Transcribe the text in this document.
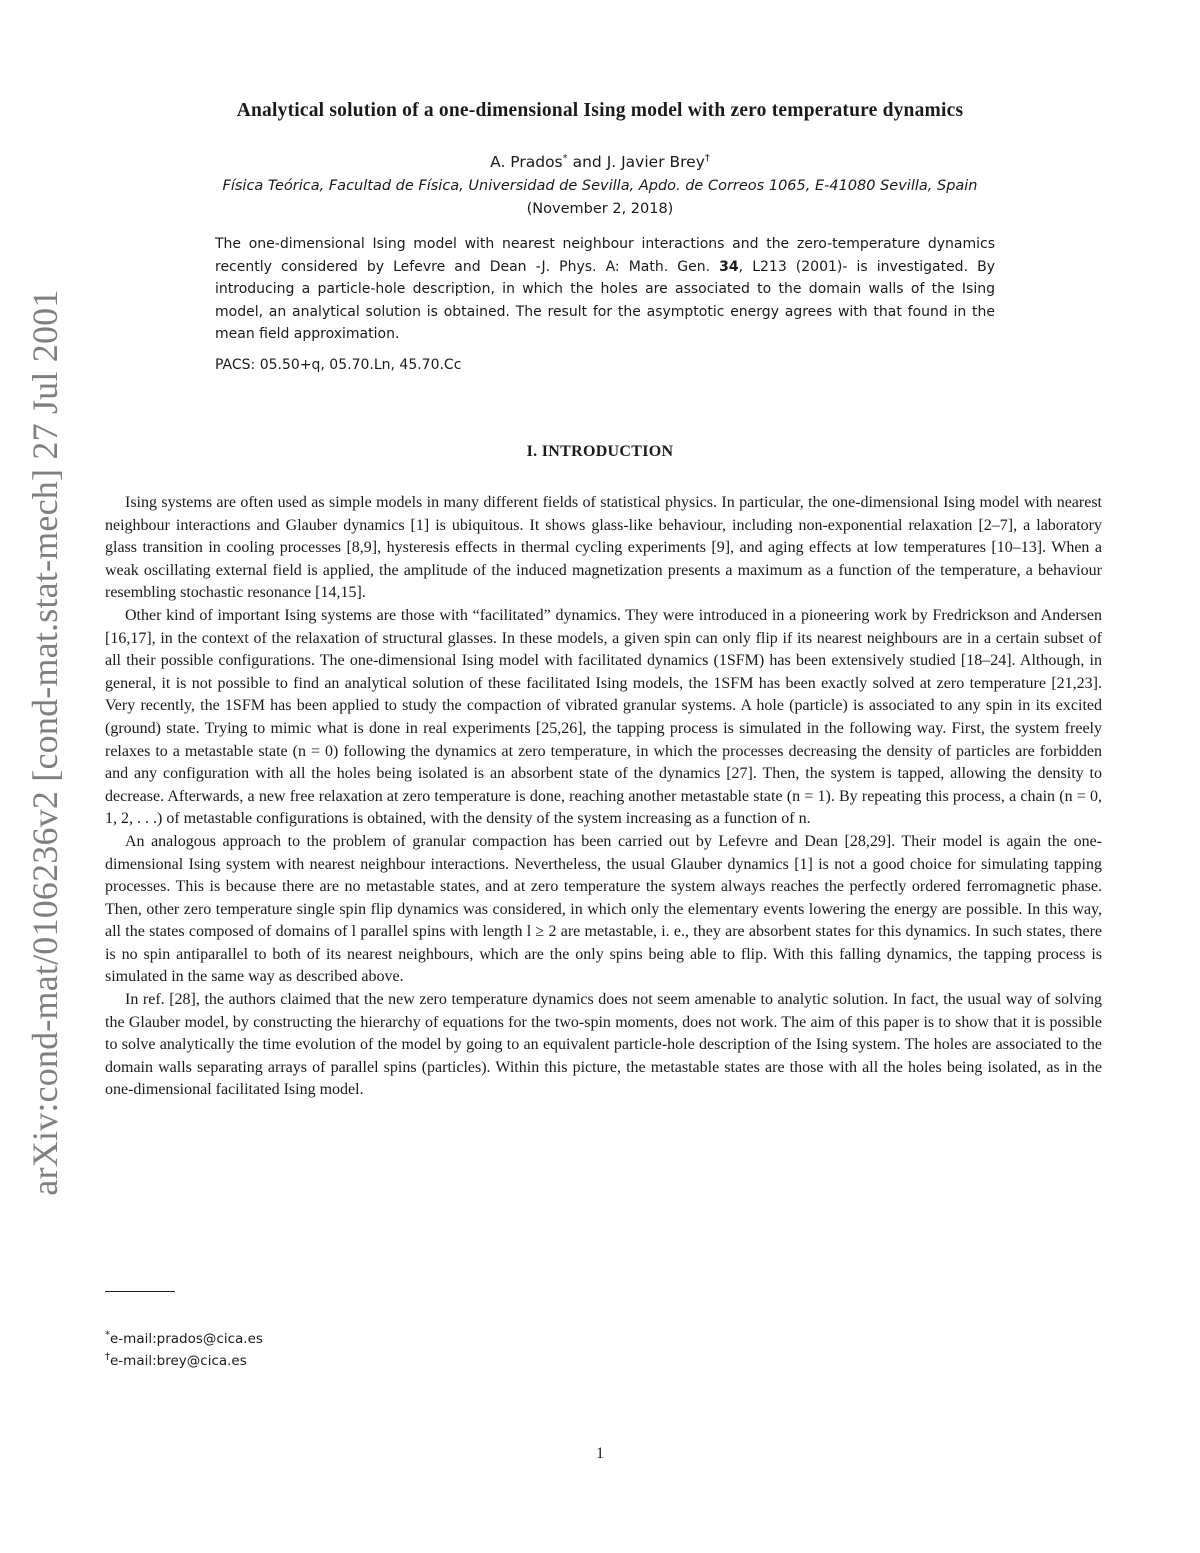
arXiv:cond-mat/0106236v2 [cond-mat.stat-mech] 27 Jul 2001
Analytical solution of a one-dimensional Ising model with zero temperature dynamics
A. Prados* and J. Javier Brey†
Física Teórica, Facultad de Física, Universidad de Sevilla, Apdo. de Correos 1065, E-41080 Sevilla, Spain
(November 2, 2018)
The one-dimensional Ising model with nearest neighbour interactions and the zero-temperature dynamics recently considered by Lefevre and Dean -J. Phys. A: Math. Gen. 34, L213 (2001)- is investigated. By introducing a particle-hole description, in which the holes are associated to the domain walls of the Ising model, an analytical solution is obtained. The result for the asymptotic energy agrees with that found in the mean field approximation.
PACS: 05.50+q, 05.70.Ln, 45.70.Cc
I. INTRODUCTION

Ising systems are often used as simple models in many different fields of statistical physics. In particular, the one-dimensional Ising model with nearest neighbour interactions and Glauber dynamics [1] is ubiquitous. It shows glass-like behaviour, including non-exponential relaxation [2–7], a laboratory glass transition in cooling processes [8,9], hysteresis effects in thermal cycling experiments [9], and aging effects at low temperatures [10–13]. When a weak oscillating external field is applied, the amplitude of the induced magnetization presents a maximum as a function of the temperature, a behaviour resembling stochastic resonance [14,15].

Other kind of important Ising systems are those with “facilitated” dynamics. They were introduced in a pioneering work by Fredrickson and Andersen [16,17], in the context of the relaxation of structural glasses. In these models, a given spin can only flip if its nearest neighbours are in a certain subset of all their possible configurations. The one-dimensional Ising model with facilitated dynamics (1SFM) has been extensively studied [18–24]. Although, in general, it is not possible to find an analytical solution of these facilitated Ising models, the 1SFM has been exactly solved at zero temperature [21,23]. Very recently, the 1SFM has been applied to study the compaction of vibrated granular systems. A hole (particle) is associated to any spin in its excited (ground) state. Trying to mimic what is done in real experiments [25,26], the tapping process is simulated in the following way. First, the system freely relaxes to a metastable state (n = 0) following the dynamics at zero temperature, in which the processes decreasing the density of particles are forbidden and any configuration with all the holes being isolated is an absorbent state of the dynamics [27]. Then, the system is tapped, allowing the density to decrease. Afterwards, a new free relaxation at zero temperature is done, reaching another metastable state (n = 1). By repeating this process, a chain (n = 0, 1, 2, . . .) of metastable configurations is obtained, with the density of the system increasing as a function of n.

An analogous approach to the problem of granular compaction has been carried out by Lefevre and Dean [28,29]. Their model is again the one-dimensional Ising system with nearest neighbour interactions. Nevertheless, the usual Glauber dynamics [1] is not a good choice for simulating tapping processes. This is because there are no metastable states, and at zero temperature the system always reaches the perfectly ordered ferromagnetic phase. Then, other zero temperature single spin flip dynamics was considered, in which only the elementary events lowering the energy are possible. In this way, all the states composed of domains of l parallel spins with length l ≥ 2 are metastable, i. e., they are absorbent states for this dynamics. In such states, there is no spin antiparallel to both of its nearest neighbours, which are the only spins being able to flip. With this falling dynamics, the tapping process is simulated in the same way as described above.

In ref. [28], the authors claimed that the new zero temperature dynamics does not seem amenable to analytic solution. In fact, the usual way of solving the Glauber model, by constructing the hierarchy of equations for the two-spin moments, does not work. The aim of this paper is to show that it is possible to solve analytically the time evolution of the model by going to an equivalent particle-hole description of the Ising system. The holes are associated to the domain walls separating arrays of parallel spins (particles). Within this picture, the metastable states are those with all the holes being isolated, as in the one-dimensional facilitated Ising model.

*e-mail:prados@cica.es
†e-mail:brey@cica.es
1
